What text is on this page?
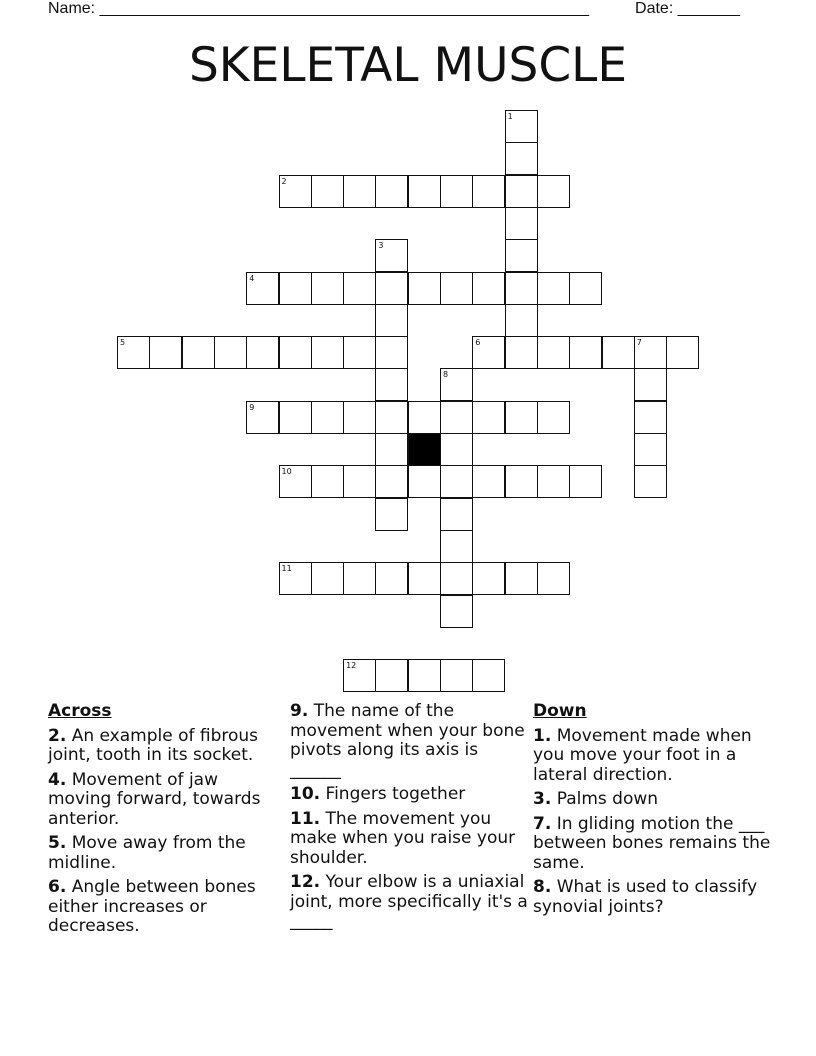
Name: _______________________________________________________	Date: _______
SKELETAL MUSCLE
2
4
5	6	7
9
10
11
12
1
3
8
Across
2. An example of fibrous joint, tooth in its socket.
4. Movement of jaw moving forward, towards anterior.
5. Move away from the midline.
6. Angle between bones either increases or decreases.
9. The name of the movement when your bone pivots along its axis is ______
10. Fingers together
11. The movement you make when you raise your shoulder.
12. Your elbow is a uniaxial joint, more specifically it's a _____
Down
1. Movement made when you move your foot in a lateral direction.
3. Palms down
7. In gliding motion the ___ between bones remains the same.
8. What is used to classify synovial joints?
